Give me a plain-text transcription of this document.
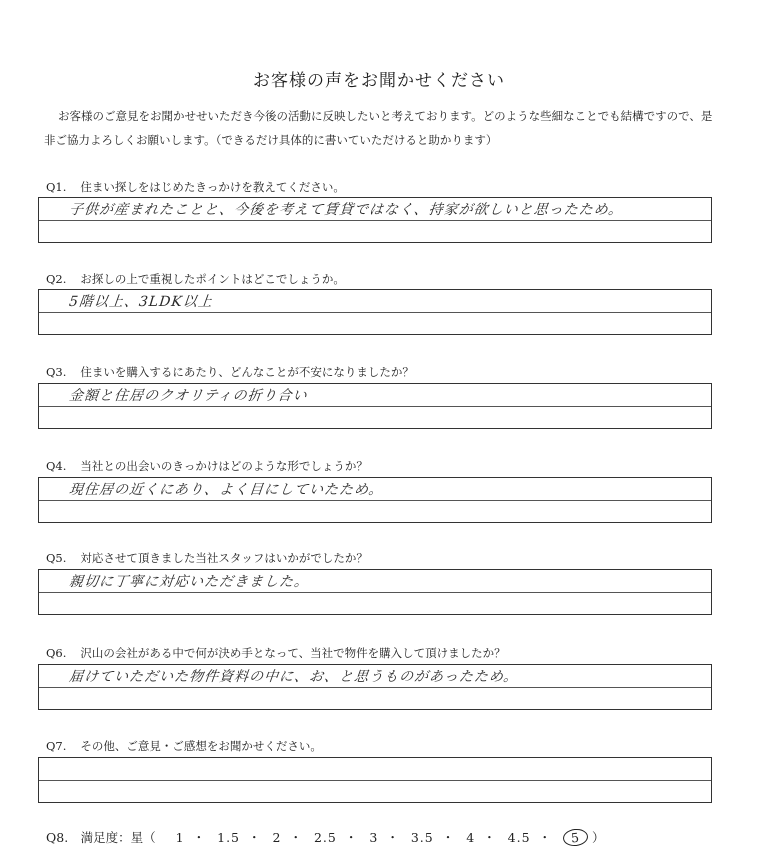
お客様の声をお聞かせください
お客様のご意見をお聞かせせいただき今後の活動に反映したいと考えております。どのような些細なことでも結構ですので、是非ご協力よろしくお願いします。（できるだけ具体的に書いていただけると助かります）
Q1. 住まい探しをはじめたきっかけを教えてください。
子供が産まれたことと、今後を考えて賃貸ではなく、持家が欲しいと思ったため。
Q2. お探しの上で重視したポイントはどこでしょうか。
5階以上、3LDK以上
Q3. 住まいを購入するにあたり、どんなことが不安になりましたか？
金額と住居のクオリティの折り合い
Q4. 当社との出会いのきっかけはどのような形でしょうか？
現住居の近くにあり、よく目にしていたため。
Q5. 対応させて頂きました当社スタッフはいかがでしたか？
親切に丁寧に対応いただきました。
Q6. 沢山の会社がある中で何が決め手となって、当社で物件を購入して頂けましたか？
届けていただいた物件資料の中に、お、と思うものがあったため。
Q7. その他、ご意見・ご感想をお聞かせください。
Q8.　満足度：星（ 1 ・ 1.5 ・ 2 ・ 2.5 ・ 3 ・ 3.5 ・ 4 ・ 4.5 ・ 5 ）
